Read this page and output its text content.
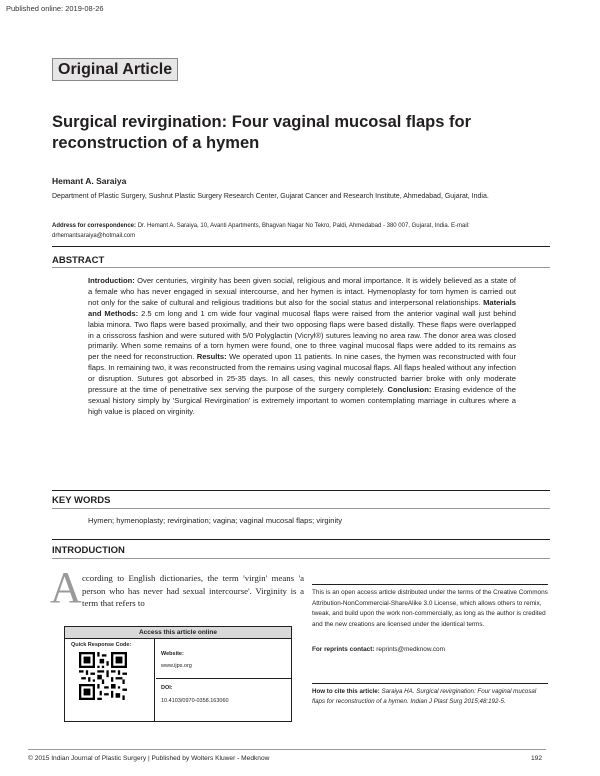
Published online: 2019-08-26
Original Article
Surgical revirgination: Four vaginal mucosal flaps for reconstruction of a hymen
Hemant A. Saraiya
Department of Plastic Surgery, Sushrut Plastic Surgery Research Center, Gujarat Cancer and Research Institute, Ahmedabad, Gujarat, India.
Address for correspondence: Dr. Hemant A. Saraiya, 10, Avanti Apartments, Bhagvan Nagar No Tekro, Paldi, Ahmedabad - 380 007, Gujarat, India. E-mail: drhemantsaraiya@hotmail.com
ABSTRACT
Introduction: Over centuries, virginity has been given social, religious and moral importance. It is widely believed as a state of a female who has never engaged in sexual intercourse, and her hymen is intact. Hymenoplasty for torn hymen is carried out not only for the sake of cultural and religious traditions but also for the social status and interpersonal relationships. Materials and Methods: 2.5 cm long and 1 cm wide four vaginal mucosal flaps were raised from the anterior vaginal wall just behind labia minora. Two flaps were based proximally, and their two opposing flaps were based distally. These flaps were overlapped in a crisscross fashion and were sutured with 5/0 Polyglactin (Vicryl®) sutures leaving no area raw. The donor area was closed primarily. When some remains of a torn hymen were found, one to three vaginal mucosal flaps were added to its remains as per the need for reconstruction. Results: We operated upon 11 patients. In nine cases, the hymen was reconstructed with four flaps. In remaining two, it was reconstructed from the remains using vaginal mucosal flaps. All flaps healed without any infection or disruption. Sutures got absorbed in 25-35 days. In all cases, this newly constructed barrier broke with only moderate pressure at the time of penetrative sex serving the purpose of the surgery completely. Conclusion: Erasing evidence of the sexual history simply by 'Surgical Revirgination' is extremely important to women contemplating marriage in cultures where a high value is placed on virginity.
KEY WORDS
Hymen; hymenoplasty; revirgination; vagina; vaginal mucosal flaps; virginity
INTRODUCTION
A ccording to English dictionaries, the term 'virgin' means 'a person who has never had sexual intercourse'. Virginity is a term that refers to
Access this article online
Quick Response Code:
Website:
www.ijps.org
DOI:
10.4103/0970-0358.163060
This is an open access article distributed under the terms of the Creative Commons Attribution-NonCommercial-ShareAlike 3.0 License, which allows others to remix, tweak, and build upon the work non-commercially, as long as the author is credited and the new creations are licensed under the identical terms.
For reprints contact: reprints@medknow.com
How to cite this article: Saraiya HA. Surgical revirgination: Four vaginal mucosal flaps for reconstruction of a hymen. Indian J Plast Surg 2015;48:192-5.
© 2015 Indian Journal of Plastic Surgery | Published by Wolters Kluwer - Medknow	192
